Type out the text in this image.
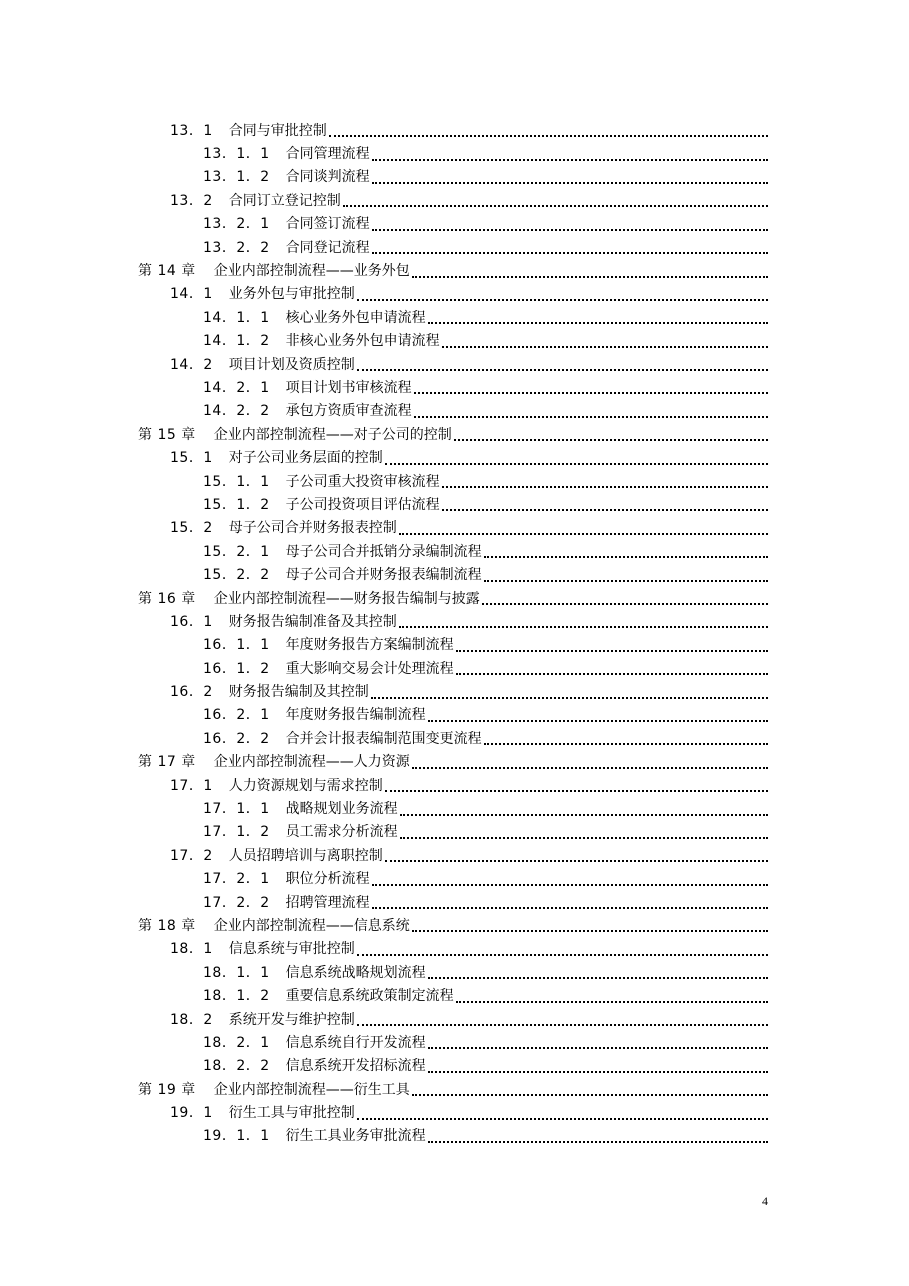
13．1 合同与审批控制
13．1．1 合同管理流程
13．1．2 合同谈判流程
13．2 合同订立登记控制
13．2．1 合同签订流程
13．2．2 合同登记流程
第 14 章 企业内部控制流程——业务外包
14．1 业务外包与审批控制
14．1．1 核心业务外包申请流程
14．1．2 非核心业务外包申请流程
14．2 项目计划及资质控制
14．2．1 项目计划书审核流程
14．2．2 承包方资质审查流程
第 15 章 企业内部控制流程——对子公司的控制
15．1 对子公司业务层面的控制
15．1．1 子公司重大投资审核流程
15．1．2 子公司投资项目评估流程
15．2 母子公司合并财务报表控制
15．2．1 母子公司合并抵销分录编制流程
15．2．2 母子公司合并财务报表编制流程
第 16 章 企业内部控制流程——财务报告编制与披露
16．1 财务报告编制准备及其控制
16．1．1 年度财务报告方案编制流程
16．1．2 重大影响交易会计处理流程
16．2 财务报告编制及其控制
16．2．1 年度财务报告编制流程
16．2．2 合并会计报表编制范围变更流程
第 17 章 企业内部控制流程——人力资源
17．1 人力资源规划与需求控制
17．1．1 战略规划业务流程
17．1．2 员工需求分析流程
17．2 人员招聘培训与离职控制
17．2．1 职位分析流程
17．2．2 招聘管理流程
第 18 章 企业内部控制流程——信息系统
18．1 信息系统与审批控制
18．1．1 信息系统战略规划流程
18．1．2 重要信息系统政策制定流程
18．2 系统开发与维护控制
18．2．1 信息系统自行开发流程
18．2．2 信息系统开发招标流程
第 19 章 企业内部控制流程——衍生工具
19．1 衍生工具与审批控制
19．1．1 衍生工具业务审批流程
4
